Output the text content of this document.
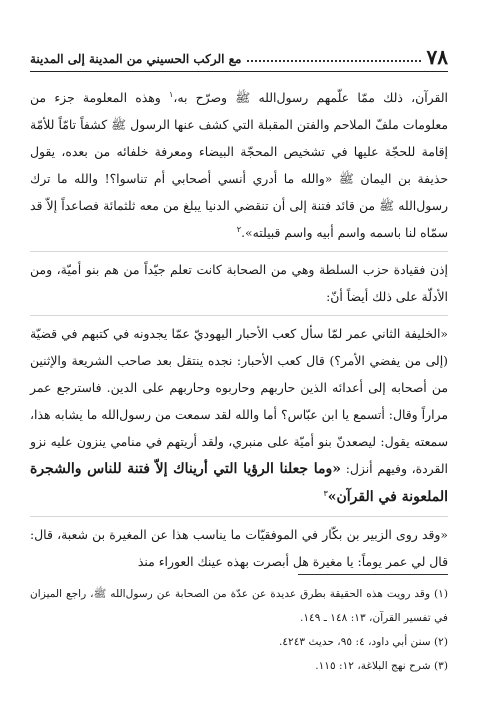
٧٨
مع الركب الحسيني من المدينة إلى المدينة

القرآن، ذلك ممّا علّمهم رسول‌الله ﷺ وصرّح به،$^١$ وهذه المعلومة جزء من معلومات ملفّ الملاحم والفتن المقبلة التي كشف عنها الرسول ﷺ كشفاً تامّاً للأمّة إقامة للحجّة عليها في تشخيص المحجّة البيضاء ومعرفة خلفائه من بعده، يقول حذيفة بن اليمان ﷺ «والله ما أدري أنسي أصحابي أم تناسوا؟! والله ما ترك رسول‌الله ﷺ من قائد فتنة إلى أن تنقضي الدنيا يبلغ من معه ثلثمائة فصاعداً إلاّ قد سمّاه لنا باسمه واسم أبيه واسم قبيلته».$^٢$

إذن فقيادة حزب السلطة وهي من الصحابة كانت تعلم جيّداً من هم بنو أميّة، ومن الأدلّة على ذلك أيضاً أنّ:

«الخليفة الثاني عمر لمّا سأل كعب الأحبار اليهوديّ عمّا يجدونه في كتبهم في قضيّة (إلى من يفضي الأمر؟) قال كعب الأحبار: نجده ينتقل بعد صاحب الشريعة والإثنين من أصحابه إلى أعدائه الذين حاربهم وحاربوه وحاربهم على الدين. فاسترجع عمر مراراً وقال: أتسمع يا ابن عبّاس؟ أما والله لقد سمعت من رسول‌الله ما يشابه هذا، سمعته يقول: ليصعدنّ بنو أميّة على منبري، ولقد أريتهم في منامي ينزون عليه نزو القردة، وفيهم أنزل: «وما جعلنا الرؤيا التي أريناك إلاّ فتنة للناس والشجرة الملعونة في القرآن»$^٣$

«وقد روى الزبير بن بكّار في الموفقيّات ما يناسب هذا عن المغيرة بن شعبة، قال: قال لي عمر يوماً: يا مغيرة هل أبصرت بهذه عينك العوراء منذ

(١) وقد رويت هذه الحقيقة بطرق عديدة عن عدّة من الصحابة عن رسول‌الله ﷺ، راجع الميزان في تفسير القرآن، ١٣: ١٤٨ ـ ١٤٩.
(٢) سنن أبي داود، ٤: ٩٥، حديث ٤٢٤٣.
(٣) شرح نهج البلاغة، ١٢: ١١٥.
